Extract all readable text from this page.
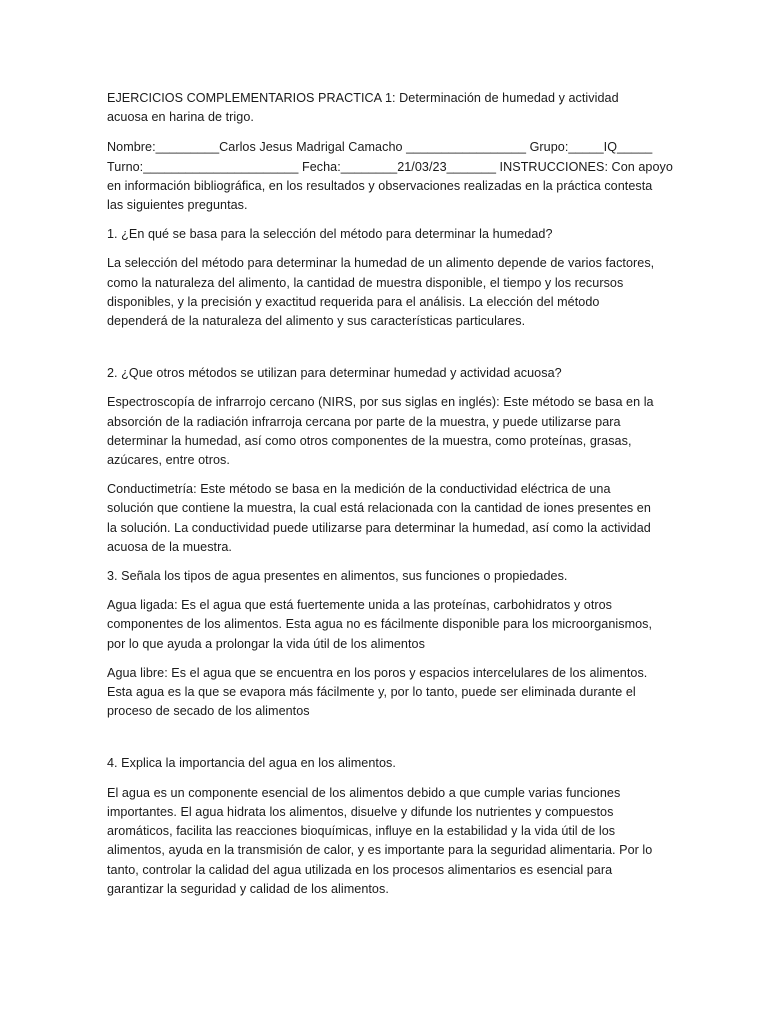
EJERCICIOS COMPLEMENTARIOS PRACTICA 1: Determinación de humedad y actividad acuosa en harina de trigo.

Nombre:_________Carlos Jesus Madrigal Camacho _________________ Grupo:_____IQ_____

Turno:______________________ Fecha:________21/03/23_______ INSTRUCCIONES: Con apoyo

en información bibliográfica, en los resultados y observaciones realizadas en la práctica contesta las siguientes preguntas.

1. ¿En qué se basa para la selección del método para determinar la humedad?

La selección del método para determinar la humedad de un alimento depende de varios factores, como la naturaleza del alimento, la cantidad de muestra disponible, el tiempo y los recursos disponibles, y la precisión y exactitud requerida para el análisis. La elección del método dependerá de la naturaleza del alimento y sus características particulares.

2. ¿Que otros métodos se utilizan para determinar humedad y actividad acuosa?

Espectroscopía de infrarrojo cercano (NIRS, por sus siglas en inglés): Este método se basa en la absorción de la radiación infrarroja cercana por parte de la muestra, y puede utilizarse para determinar la humedad, así como otros componentes de la muestra, como proteínas, grasas, azúcares, entre otros.

Conductimetría: Este método se basa en la medición de la conductividad eléctrica de una solución que contiene la muestra, la cual está relacionada con la cantidad de iones presentes en la solución. La conductividad puede utilizarse para determinar la humedad, así como la actividad acuosa de la muestra.

3. Señala los tipos de agua presentes en alimentos, sus funciones o propiedades.

Agua ligada: Es el agua que está fuertemente unida a las proteínas, carbohidratos y otros componentes de los alimentos. Esta agua no es fácilmente disponible para los microorganismos, por lo que ayuda a prolongar la vida útil de los alimentos

Agua libre: Es el agua que se encuentra en los poros y espacios intercelulares de los alimentos. Esta agua es la que se evapora más fácilmente y, por lo tanto, puede ser eliminada durante el proceso de secado de los alimentos

4. Explica la importancia del agua en los alimentos.

El agua es un componente esencial de los alimentos debido a que cumple varias funciones importantes. El agua hidrata los alimentos, disuelve y difunde los nutrientes y compuestos aromáticos, facilita las reacciones bioquímicas, influye en la estabilidad y la vida útil de los alimentos, ayuda en la transmisión de calor, y es importante para la seguridad alimentaria. Por lo tanto, controlar la calidad del agua utilizada en los procesos alimentarios es esencial para garantizar la seguridad y calidad de los alimentos.
